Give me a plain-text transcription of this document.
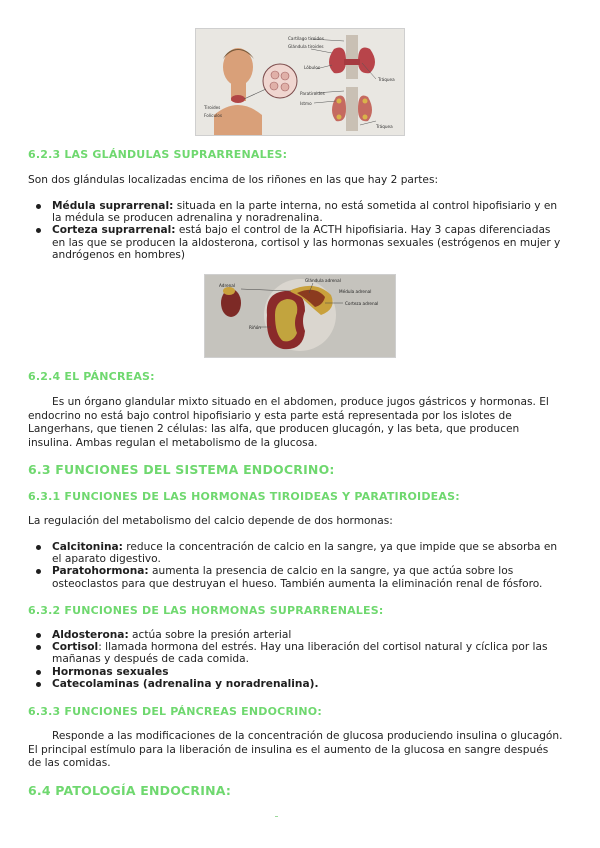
Cartílago tiroides
Glándula tiroides
Lóbulos
Tráquea
Paratiroides
Istmo
Tiroides
Folículos
Tráquea
6.2.3 LAS GLÁNDULAS SUPRARRENALES:

Son dos glándulas localizadas encima de los riñones en las que hay 2 partes:

Médula suprarrenal: situada en la parte interna, no está sometida al control hipofisiario y en la médula se producen adrenalina y noradrenalina.
Corteza suprarrenal: está bajo el control de la ACTH hipofisiaria. Hay 3 capas diferenciadas en las que se producen la aldosterona, cortisol y las hormonas sexuales (estrógenos en mujer y andrógenos en hombres)
Adrenal
Glándula adrenal
Médula adrenal
Corteza adrenal
Riñón
6.2.4 EL PÁNCREAS:

Es un órgano glandular mixto situado en el abdomen, produce jugos gástricos y hormonas. El endocrino no está bajo control hipofisiario y esta parte está representada por los islotes de Langerhans, que tienen 2 células: las alfa, que producen glucagón, y las beta, que producen insulina. Ambas regulan el metabolismo de la glucosa.

6.3 FUNCIONES DEL SISTEMA ENDOCRINO:
6.3.1 FUNCIONES DE LAS HORMONAS TIROIDEAS Y PARATIROIDEAS:

La regulación del metabolismo del calcio depende de dos hormonas:

Calcitonina: reduce la concentración de calcio en la sangre, ya que impide que se absorba en el aparato digestivo.
Paratohormona: aumenta la presencia de calcio en la sangre, ya que actúa sobre los osteoclastos para que destruyan el hueso. También aumenta la eliminación renal de fósforo.
6.3.2 FUNCIONES DE LAS HORMONAS SUPRARRENALES:
Aldosterona: actúa sobre la presión arterial
Cortisol: llamada hormona del estrés. Hay una liberación del cortisol natural y cíclica por las mañanas y después de cada comida.
Hormonas sexuales
Catecolaminas (adrenalina y noradrenalina).
6.3.3 FUNCIONES DEL PÁNCREAS ENDOCRINO:

Responde a las modificaciones de la concentración de glucosa produciendo insulina o glucagón. El principal estímulo para la liberación de insulina es el aumento de la glucosa en sangre después de las comidas.

6.4 PATOLOGÍA ENDOCRINA:
